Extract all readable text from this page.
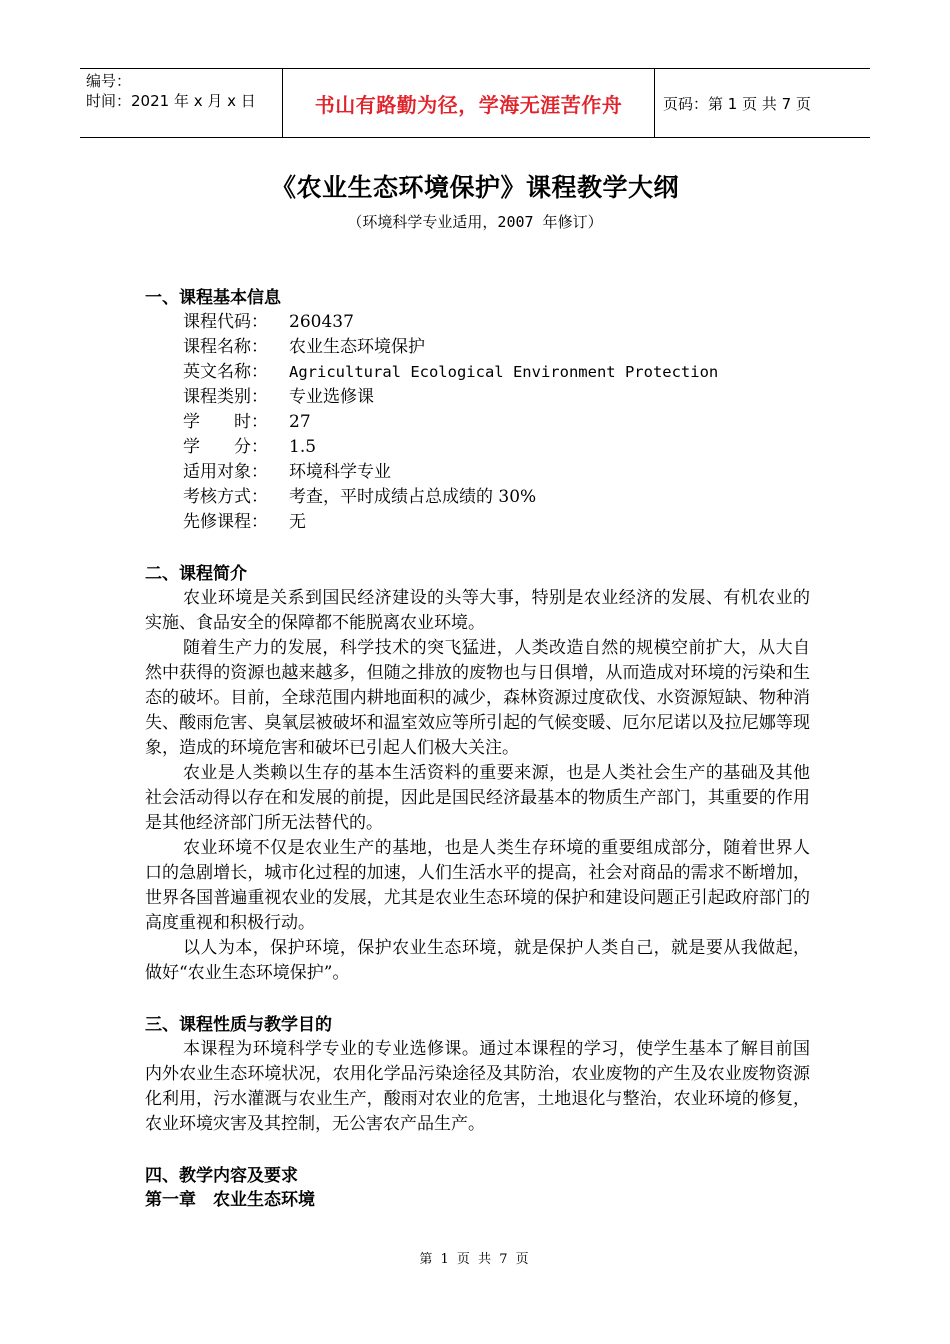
编号：
时间：2021 年 x 月 x 日	书山有路勤为径，学海无涯苦作舟	页码：第 1 页 共 7 页
《农业生态环境保护》课程教学大纲
（环境科学专业适用，2007 年修订）
一、课程基本信息
课程代码：	260437
课程名称：	农业生态环境保护
英文名称：	Agricultural Ecological Environment Protection
课程类别：	专业选修课
学　　时：	27
学　　分：	1.5
适用对象：	环境科学专业
考核方式：	考查，平时成绩占总成绩的 30%
先修课程：	无
二、课程简介

农业环境是关系到国民经济建设的头等大事，特别是农业经济的发展、有机农业的实施、食品安全的保障都不能脱离农业环境。

随着生产力的发展，科学技术的突飞猛进，人类改造自然的规模空前扩大，从大自然中获得的资源也越来越多，但随之排放的废物也与日俱增，从而造成对环境的污染和生态的破坏。目前，全球范围内耕地面积的减少，森林资源过度砍伐、水资源短缺、物种消失、酸雨危害、臭氧层被破坏和温室效应等所引起的气候变暖、厄尔尼诺以及拉尼娜等现象，造成的环境危害和破坏已引起人们极大关注。

农业是人类赖以生存的基本生活资料的重要来源，也是人类社会生产的基础及其他社会活动得以存在和发展的前提，因此是国民经济最基本的物质生产部门，其重要的作用是其他经济部门所无法替代的。

农业环境不仅是农业生产的基地，也是人类生存环境的重要组成部分，随着世界人口的急剧增长，城市化过程的加速，人们生活水平的提高，社会对商品的需求不断增加，世界各国普遍重视农业的发展，尤其是农业生态环境的保护和建设问题正引起政府部门的高度重视和积极行动。

以人为本，保护环境，保护农业生态环境，就是保护人类自己，就是要从我做起，做好“农业生态环境保护”。

三、课程性质与教学目的

本课程为环境科学专业的专业选修课。通过本课程的学习，使学生基本了解目前国内外农业生态环境状况，农用化学品污染途径及其防治，农业废物的产生及农业废物资源化利用，污水灌溉与农业生产，酸雨对农业的危害，土地退化与整治，农业环境的修复，农业环境灾害及其控制，无公害农产品生产。

四、教学内容及要求
第一章　农业生态环境
第 1 页 共 7 页
